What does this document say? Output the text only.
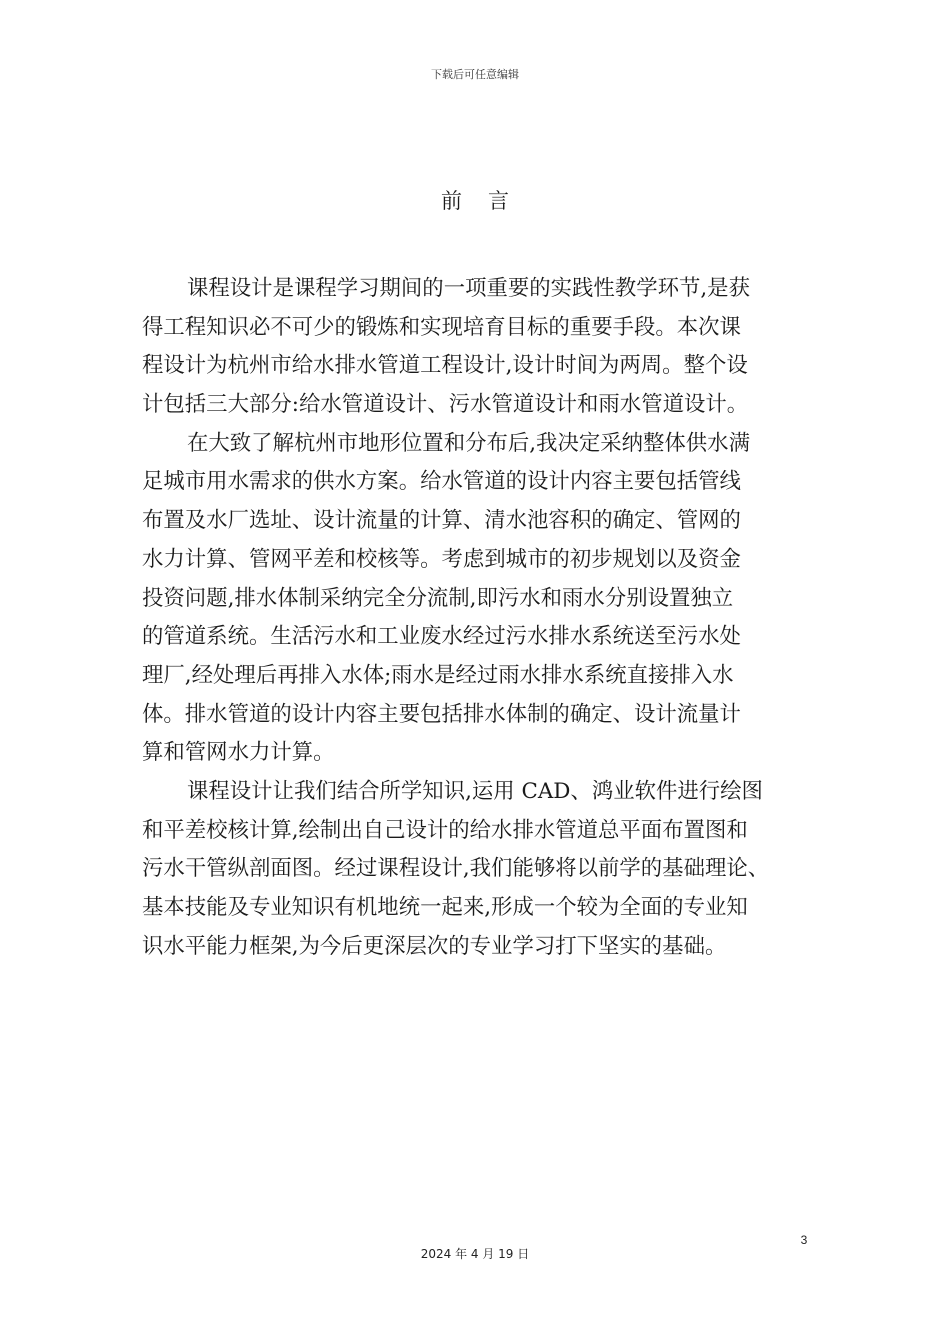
下载后可任意编辑
前言
课程设计是课程学习期间的一项重要的实践性教学环节,是获
得工程知识必不可少的锻炼和实现培育目标的重要手段。本次课
程设计为杭州市给水排水管道工程设计,设计时间为两周。整个设
计包括三大部分:给水管道设计、污水管道设计和雨水管道设计。
在大致了解杭州市地形位置和分布后,我决定采纳整体供水满
足城市用水需求的供水方案。给水管道的设计内容主要包括管线
布置及水厂选址、设计流量的计算、清水池容积的确定、管网的
水力计算、管网平差和校核等。考虑到城市的初步规划以及资金
投资问题,排水体制采纳完全分流制,即污水和雨水分别设置独立
的管道系统。生活污水和工业废水经过污水排水系统送至污水处
理厂,经处理后再排入水体;雨水是经过雨水排水系统直接排入水
体。排水管道的设计内容主要包括排水体制的确定、设计流量计
算和管网水力计算。
课程设计让我们结合所学知识,运用 CAD、鸿业软件进行绘图
和平差校核计算,绘制出自己设计的给水排水管道总平面布置图和
污水干管纵剖面图。经过课程设计,我们能够将以前学的基础理论、
基本技能及专业知识有机地统一起来,形成一个较为全面的专业知
识水平能力框架,为今后更深层次的专业学习打下坚实的基础。
3
2024 年 4 月 19 日
